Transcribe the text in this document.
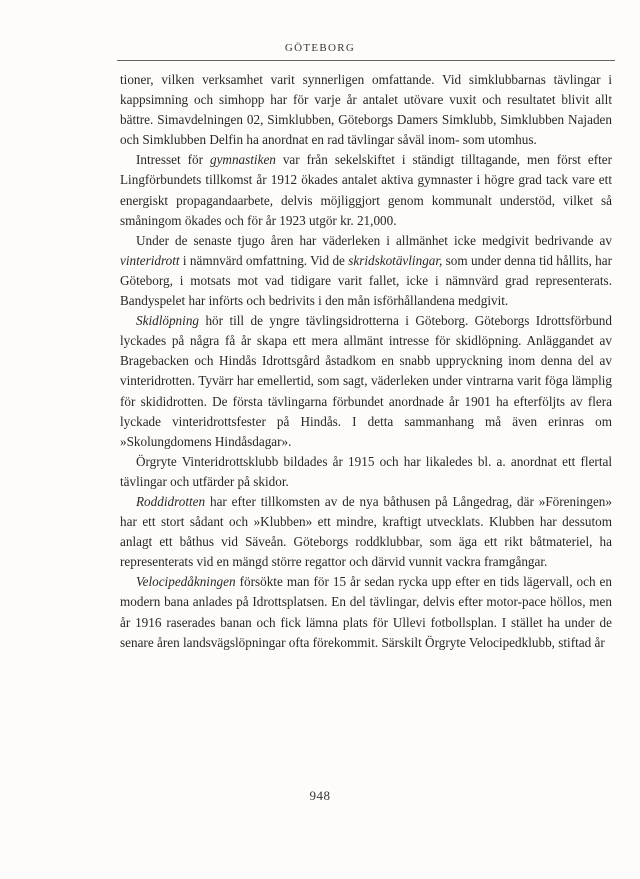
GÖTEBORG

tioner, vilken verksamhet varit synnerligen omfattande. Vid simklubbarnas tävlingar i kappsimning och simhopp har för varje år antalet utövare vuxit och resultatet blivit allt bättre. Simavdelningen 02, Simklubben, Göteborgs Damers Simklubb, Simklubben Najaden och Simklubben Delfin ha anordnat en rad tävlingar såväl inom- som utomhus.

Intresset för gymnastiken var från sekelskiftet i ständigt tilltagande, men först efter Lingförbundets tillkomst år 1912 ökades antalet aktiva gymnaster i högre grad tack vare ett energiskt propagandaarbete, delvis möjliggjort genom kommunalt understöd, vilket så småningom ökades och för år 1923 utgör kr. 21,000.

Under de senaste tjugo åren har väderleken i allmänhet icke medgivit bedrivande av vinteridrott i nämnvärd omfattning. Vid de skridskotävlingar, som under denna tid hållits, har Göteborg, i motsats mot vad tidigare varit fallet, icke i nämnvärd grad representerats. Bandyspelet har införts och bedrivits i den mån isförhållandena medgivit.

Skidlöpning hör till de yngre tävlingsidrotterna i Göteborg. Göteborgs Idrottsförbund lyckades på några få år skapa ett mera allmänt intresse för skidlöpning. Anläggandet av Bragebacken och Hindås Idrottsgård åstadkom en snabb uppryckning inom denna del av vinteridrotten. Tyvärr har emellertid, som sagt, väderleken under vintrarna varit föga lämplig för skididrotten. De första tävlingarna förbundet anordnade år 1901 ha efterföljts av flera lyckade vinteridrottsfester på Hindås. I detta sammanhang må även erinras om »Skolungdomens Hindåsdagar».

Örgryte Vinteridrottsklubb bildades år 1915 och har likaledes bl. a. anordnat ett flertal tävlingar och utfärder på skidor.

Roddidrotten har efter tillkomsten av de nya båthusen på Långedrag, där »Föreningen» har ett stort sådant och »Klubben» ett mindre, kraftigt utvecklats. Klubben har dessutom anlagt ett båthus vid Säveån. Göteborgs roddklubbar, som äga ett rikt båtmateriel, ha representerats vid en mängd större regattor och därvid vunnit vackra framgångar.

Velocipedåkningen försökte man för 15 år sedan rycka upp efter en tids lägervall, och en modern bana anlades på Idrottsplatsen. En del tävlingar, delvis efter motor-pace höllos, men år 1916 raserades banan och fick lämna plats för Ullevi fotbollsplan. I stället ha under de senare åren landsvägslöpningar ofta förekommit. Särskilt Örgryte Velocipedklubb, stiftad år

948
